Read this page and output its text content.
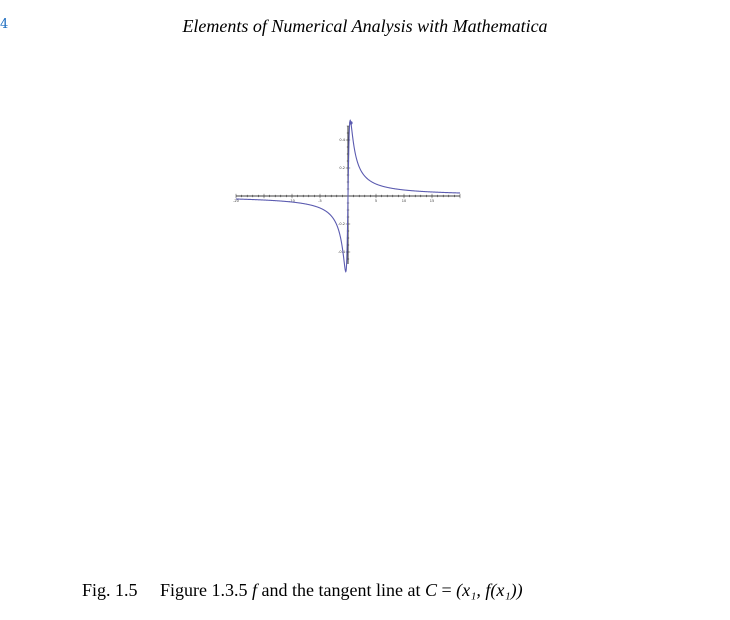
4	Elements of Numerical Analysis with Mathematica
-20	-10	-5	5	10	15
0.4
0.2
-0.2
-0.4
Fig. 1.5 Figure 1.3.5 f and the tangent line at C = (x₁, f(x₁))
